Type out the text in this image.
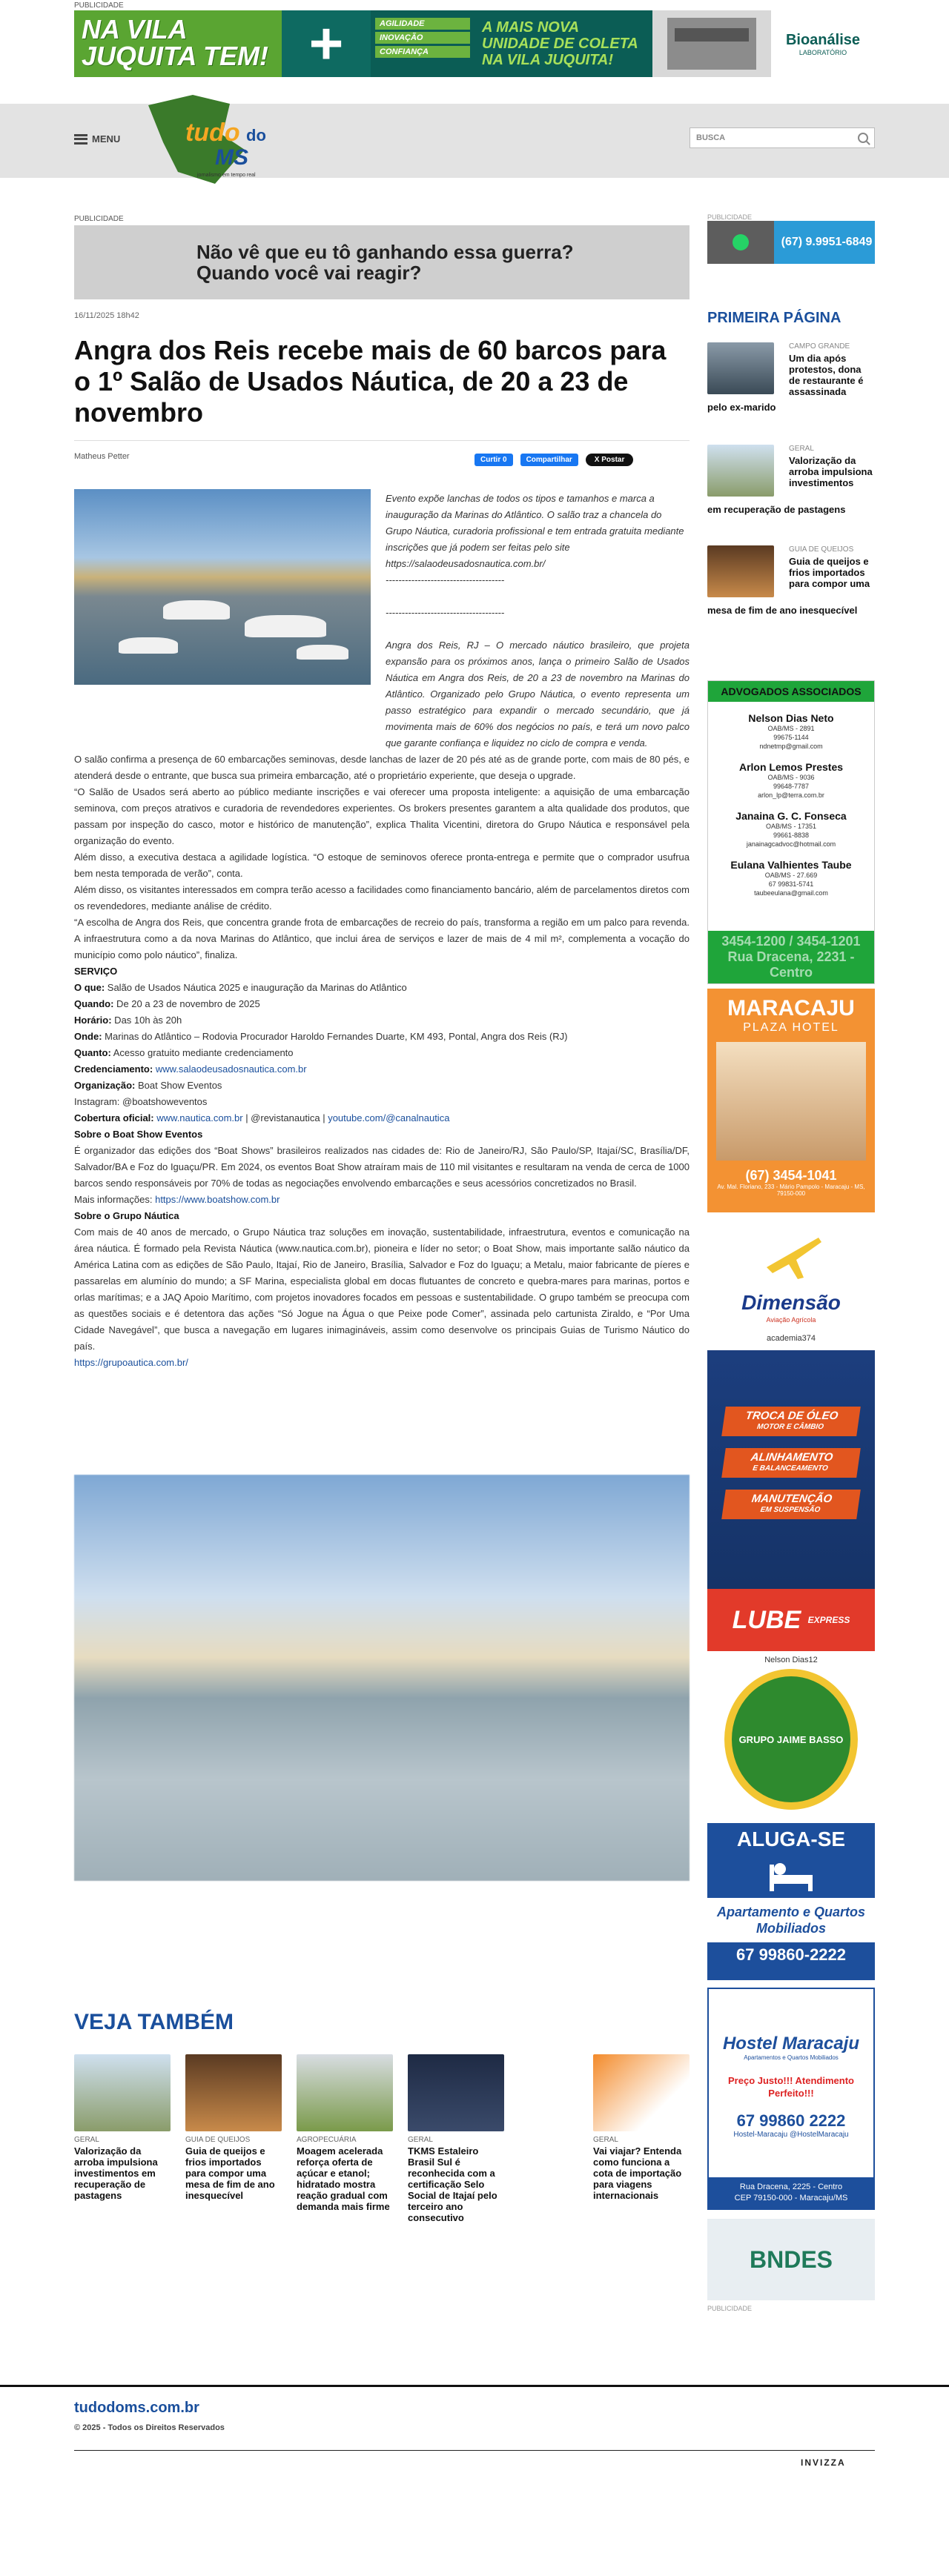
PUBLICIDADE
NA VILA JUQUITA TEM! +	AGILIDADE
INOVAÇÃO
CONFIANÇA
A MAIS NOVA UNIDADE DE COLETA NA VILA JUQUITA!
Bioanálise
LABORATÓRIO
MENU	tudo do
MS
jornalismo em tempo real
BUSCA
PUBLICIDADE
Não vê que eu tô ganhando essa guerra? Quando você vai reagir?
16/11/2025 18h42
Angra dos Reis recebe mais de 60 barcos para o 1º Salão de Usados Náutica, de 20 a 23 de novembro
Matheus Petter	Curtir 0	Compartilhar	X Postar

Evento expõe lanchas de todos os tipos e tamanhos e marca a inauguração da Marinas do Atlântico. O salão traz a chancela do Grupo Náutica, curadoria profissional e tem entrada gratuita mediante inscrições que já podem ser feitas pelo site https://salaodeusadosnautica.com.br/

-------------------------------------

-------------------------------------

Angra dos Reis, RJ – O mercado náutico brasileiro, que projeta expansão para os próximos anos, lança o primeiro Salão de Usados Náutica em Angra dos Reis, de 20 a 23 de novembro na Marinas do Atlântico. Organizado pelo Grupo Náutica, o evento representa um passo estratégico para expandir o mercado secundário, que já movimenta mais de 60% dos negócios no país, e terá um novo palco que garante confiança e liquidez no ciclo de compra e venda.

O salão confirma a presença de 60 embarcações seminovas, desde lanchas de lazer de 20 pés até as de grande porte, com mais de 80 pés, e atenderá desde o entrante, que busca sua primeira embarcação, até o proprietário experiente, que deseja o upgrade.

“O Salão de Usados será aberto ao público mediante inscrições e vai oferecer uma proposta inteligente: a aquisição de uma embarcação seminova, com preços atrativos e curadoria de revendedores experientes. Os brokers presentes garantem a alta qualidade dos produtos, que passam por inspeção do casco, motor e histórico de manutenção”, explica Thalita Vicentini, diretora do Grupo Náutica e responsável pela organização do evento.

Além disso, a executiva destaca a agilidade logística. “O estoque de seminovos oferece pronta-entrega e permite que o comprador usufrua bem nesta temporada de verão”, conta.

Além disso, os visitantes interessados em compra terão acesso a facilidades como financiamento bancário, além de parcelamentos diretos com os revendedores, mediante análise de crédito.

“A escolha de Angra dos Reis, que concentra grande frota de embarcações de recreio do país, transforma a região em um palco para revenda. A infraestrutura como a da nova Marinas do Atlântico, que inclui área de serviços e lazer de mais de 4 mil m², complementa a vocação do município como polo náutico”, finaliza.

SERVIÇO

O que: Salão de Usados Náutica 2025 e inauguração da Marinas do Atlântico

Quando: De 20 a 23 de novembro de 2025

Horário: Das 10h às 20h

Onde: Marinas do Atlântico – Rodovia Procurador Haroldo Fernandes Duarte, KM 493, Pontal, Angra dos Reis (RJ)

Quanto: Acesso gratuito mediante credenciamento

Credenciamento: www.salaodeusadosnautica.com.br

Organização: Boat Show Eventos

Instagram: @boatshoweventos

Cobertura oficial: www.nautica.com.br | @revistanautica | youtube.com/@canalnautica

Sobre o Boat Show Eventos

É organizador das edições dos “Boat Shows” brasileiros realizados nas cidades de: Rio de Janeiro/RJ, São Paulo/SP, Itajaí/SC, Brasília/DF, Salvador/BA e Foz do Iguaçu/PR. Em 2024, os eventos Boat Show atraíram mais de 110 mil visitantes e resultaram na venda de cerca de 1000 barcos sendo responsáveis por 70% de todas as negociações envolvendo embarcações e seus acessórios concretizados no Brasil.

Mais informações: https://www.boatshow.com.br

Sobre o Grupo Náutica

Com mais de 40 anos de mercado, o Grupo Náutica traz soluções em inovação, sustentabilidade, infraestrutura, eventos e comunicação na área náutica. É formado pela Revista Náutica (www.nautica.com.br), pioneira e líder no setor; o Boat Show, mais importante salão náutico da América Latina com as edições de São Paulo, Itajaí, Rio de Janeiro, Brasília, Salvador e Foz do Iguaçu; a Metalu, maior fabricante de píeres e passarelas em alumínio do mundo; a SF Marina, especialista global em docas flutuantes de concreto e quebra-mares para marinas, portos e orlas marítimas; e a JAQ Apoio Marítimo, com projetos inovadores focados em pessoas e sustentabilidade. O grupo também se preocupa com as questões sociais e é detentora das ações “Só Jogue na Água o que Peixe pode Comer”, assinada pelo cartunista Ziraldo, e “Por Uma Cidade Navegável”, que busca a navegação em lugares inimagináveis, assim como desenvolve os principais Guias de Turismo Náutico do país.

https://grupoautica.com.br/

VEJA TAMBÉM
GERAL
Valorização da arroba impulsiona investimentos em recuperação de pastagens
GUIA DE QUEIJOS
Guia de queijos e frios importados para compor uma mesa de fim de ano inesquecível
AGROPECUÁRIA
Moagem acelerada reforça oferta de açúcar e etanol; hidratado mostra reação gradual com demanda mais firme
GERAL
TKMS Estaleiro Brasil Sul é reconhecida com a certificação Selo Social de Itajaí pelo terceiro ano consecutivo
GERAL
Vai viajar? Entenda como funciona a cota de importação para viagens internacionais
PUBLICIDADE
(67) 9.9951-6849
PRIMEIRA PÁGINA
CAMPO GRANDE
Um dia após protestos, dona de restaurante é assassinada
pelo ex-marido
GERAL
Valorização da arroba impulsiona investimentos
em recuperação de pastagens
GUIA DE QUEIJOS
Guia de queijos e frios importados para compor uma
mesa de fim de ano inesquecível
ADVOGADOS ASSOCIADOS
Nelson Dias Neto
OAB/MS - 2891
99675-1144
ndnetmp@gmail.com
Arlon Lemos Prestes
OAB/MS - 9036
99648-7787
arlon_lp@terra.com.br
Janaina G. C. Fonseca
OAB/MS - 17351
99661-8838
janainagcadvoc@hotmail.com
Eulana Valhientes Taube
OAB/MS - 27.669
67 99831-5741
taubeeulana@gmail.com
3454-1200 / 3454-1201
Rua Dracena, 2231 - Centro
MARACAJU
PLAZA HOTEL
(67) 3454-1041
Av. Mal. Floriano, 233 - Mário Pampolo - Maracaju - MS, 79150-000
Dimensão
Aviação Agrícola
academia374
TROCA DE ÓLEO
MOTOR E CÂMBIO
ALINHAMENTO
E BALANCEAMENTO
MANUTENÇÃO
EM SUSPENSÃO
LUBE
EXPRESS
Nelson Dias12
GRUPO JAIME BASSO
ALUGA-SE
Apartamento e Quartos Mobiliados
67 99860-2222
Hostel Maracaju
Apartamentos e Quartos Mobiliados
Preço Justo!!! Atendimento Perfeito!!!
67 99860 2222
Hostel-Maracaju @HostelMaracaju
Rua Dracena, 2225 - Centro
CEP 79150-000 - Maracaju/MS
BNDES
PUBLICIDADE
tudodoms.com.br
© 2025 - Todos os Direitos Reservados
INVIZZA
